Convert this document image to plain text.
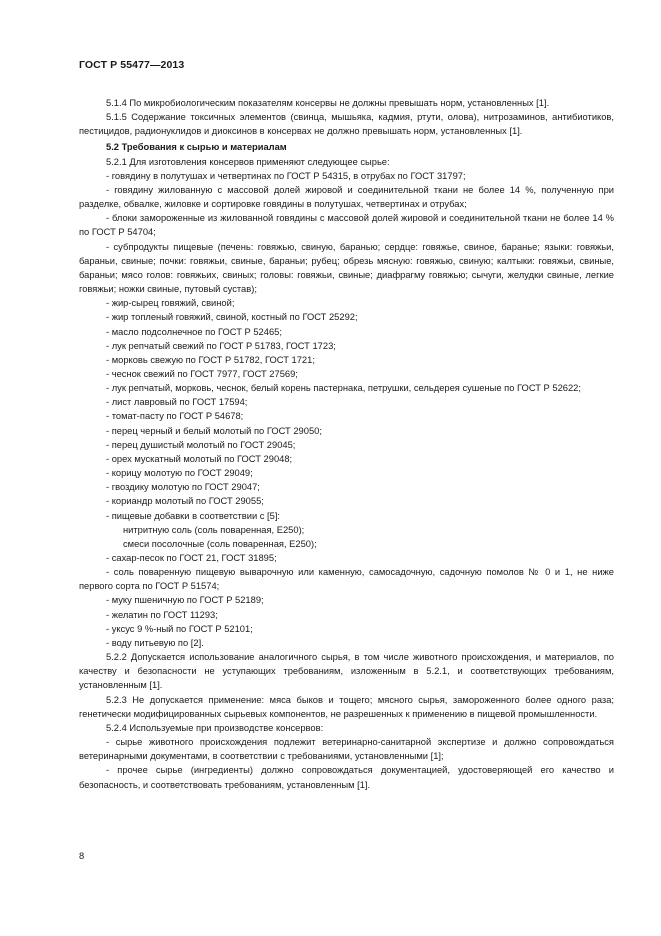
ГОСТ Р 55477—2013

5.1.4 По микробиологическим показателям консервы не должны превышать норм, установленных [1].

5.1.5 Содержание токсичных элементов (свинца, мышьяка, кадмия, ртути, олова), нитрозаминов, антибиотиков, пестицидов, радионуклидов и диоксинов в консервах не должно превышать норм, установленных [1].

5.2 Требования к сырью и материалам

5.2.1 Для изготовления консервов применяют следующее сырье:

- говядину в полутушах и четвертинах по ГОСТ Р 54315, в отрубах по ГОСТ 31797;

- говядину жилованную с массовой долей жировой и соединительной ткани не более 14 %, полученную при разделке, обвалке, жиловке и сортировке говядины в полутушах, четвертинах и отрубах;

- блоки замороженные из жилованной говядины с массовой долей жировой и соединительной ткани не более 14 % по ГОСТ Р 54704;

- субпродукты пищевые (печень: говяжью, свиную, баранью; сердце: говяжье, свиное, баранье; языки: говяжьи, бараньи, свиные; почки: говяжьи, свиные, бараньи; рубец; обрезь мясную: говяжью, свиную; калтыки: говяжьи, свиные, бараньи; мясо голов: говяжьих, свиных; головы: говяжьи, свиные; диафрагму говяжью; сычуги, желудки свиные, легкие говяжьи; ножки свиные, путовый сустав);

- жир-сырец говяжий, свиной;

- жир топленый говяжий, свиной, костный по ГОСТ 25292;

- масло подсолнечное по ГОСТ Р 52465;

- лук репчатый свежий по ГОСТ Р 51783, ГОСТ 1723;

- морковь свежую по ГОСТ Р 51782, ГОСТ 1721;

- чеснок свежий по ГОСТ 7977, ГОСТ 27569;

- лук репчатый, морковь, чеснок, белый корень пастернака, петрушки, сельдерея сушеные по ГОСТ Р 52622;

- лист лавровый по ГОСТ 17594;

- томат-пасту по ГОСТ Р 54678;

- перец черный и белый молотый по ГОСТ 29050;

- перец душистый молотый по ГОСТ 29045;

- орех мускатный молотый по ГОСТ 29048;

- корицу молотую по ГОСТ 29049;

- гвоздику молотую по ГОСТ 29047;

- кориандр молотый по ГОСТ 29055;

- пищевые добавки в соответствии с [5]:

нитритную соль (соль поваренная, Е250);

смеси посолочные (соль поваренная, Е250);

- сахар-песок по ГОСТ 21, ГОСТ 31895;

- соль поваренную пищевую выварочную или каменную, самосадочную, садочную помолов № 0 и 1, не ниже первого сорта по ГОСТ Р 51574;

- муку пшеничную по ГОСТ Р 52189;

- желатин по ГОСТ 11293;

- уксус 9 %-ный по ГОСТ Р 52101;

- воду питьевую по [2].

5.2.2 Допускается использование аналогичного сырья, в том числе животного происхождения, и материалов, по качеству и безопасности не уступающих требованиям, изложенным в 5.2.1, и соответствующих требованиям, установленным [1].

5.2.3 Не допускается применение: мяса быков и тощего; мясного сырья, замороженного более одного раза; генетически модифицированных сырьевых компонентов, не разрешенных к применению в пищевой промышленности.

5.2.4 Используемые при производстве консервов:

- сырье животного происхождения подлежит ветеринарно-санитарной экспертизе и должно сопровождаться ветеринарными документами, в соответствии с требованиями, установленными [1];

- прочее сырье (ингредиенты) должно сопровождаться документацией, удостоверяющей его качество и безопасность, и соответствовать требованиям, установленным [1].

8
